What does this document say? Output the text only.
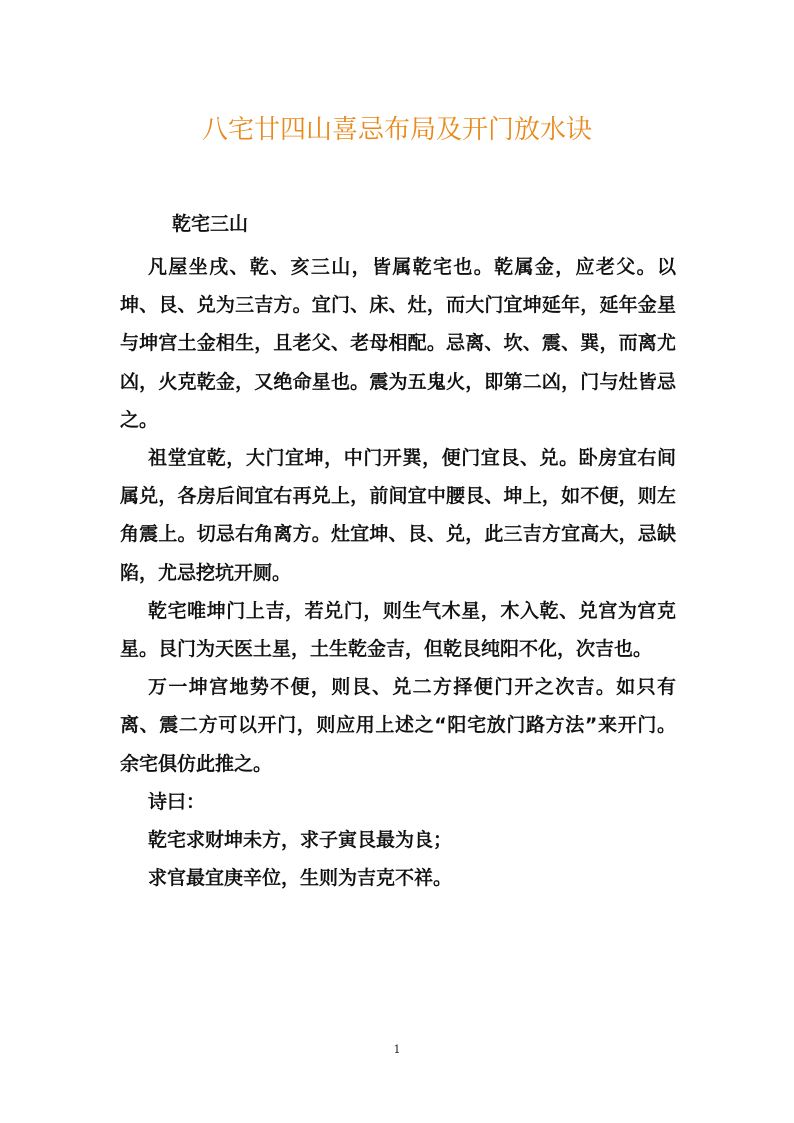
八宅廿四山喜忌布局及开门放水诀
乾宅三山

凡屋坐戌、乾、亥三山，皆属乾宅也。乾属金，应老父。以坤、艮、兑为三吉方。宜门、床、灶，而大门宜坤延年，延年金星与坤宫土金相生，且老父、老母相配。忌离、坎、震、巽，而离尤凶，火克乾金，又绝命星也。震为五鬼火，即第二凶，门与灶皆忌之。

祖堂宜乾，大门宜坤，中门开巽，便门宜艮、兑。卧房宜右间属兑，各房后间宜右再兑上，前间宜中腰艮、坤上，如不便，则左角震上。切忌右角离方。灶宜坤、艮、兑，此三吉方宜高大，忌缺陷，尤忌挖坑开厕。

乾宅唯坤门上吉，若兑门，则生气木星，木入乾、兑宫为宫克星。艮门为天医土星，土生乾金吉，但乾艮纯阳不化，次吉也。

万一坤宫地势不便，则艮、兑二方择便门开之次吉。如只有离、震二方可以开门，则应用上述之“阳宅放门路方法”来开门。余宅俱仿此推之。

诗曰：

乾宅求财坤未方，求子寅艮最为良；

求官最宜庚辛位，生则为吉克不祥。

1
